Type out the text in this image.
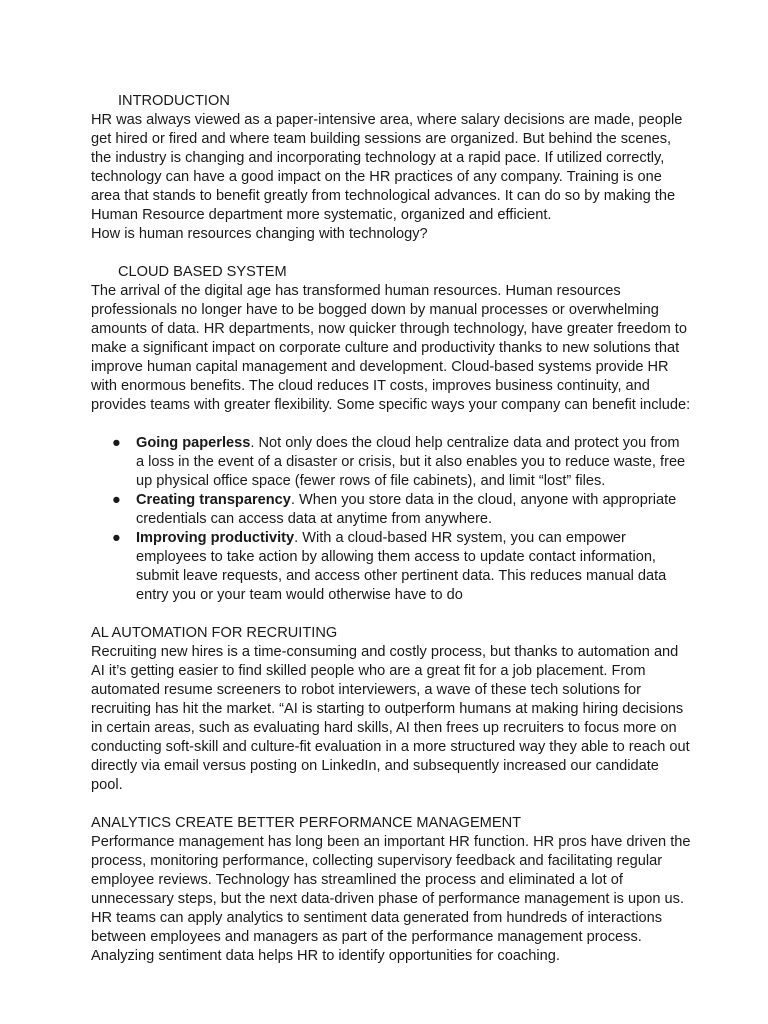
INTRODUCTION

HR was always viewed as a paper-intensive area, where salary decisions are made, people get hired or fired and where team building sessions are organized. But behind the scenes, the industry is changing and incorporating technology at a rapid pace. If utilized correctly, technology can have a good impact on the HR practices of any company. Training is one area that stands to benefit greatly from technological advances. It can do so by making the Human Resource department more systematic, organized and efficient.

How is human resources changing with technology?

CLOUD BASED SYSTEM

The arrival of the digital age has transformed human resources. Human resources professionals no longer have to be bogged down by manual processes or overwhelming amounts of data. HR departments, now quicker through technology, have greater freedom to make a significant impact on corporate culture and productivity thanks to new solutions that improve human capital management and development. Cloud-based systems provide HR with enormous benefits. The cloud reduces IT costs, improves business continuity, and provides teams with greater flexibility. Some specific ways your company can benefit include:

● Going paperless. Not only does the cloud help centralize data and protect you from a loss in the event of a disaster or crisis, but it also enables you to reduce waste, free up physical office space (fewer rows of file cabinets), and limit “lost” files.
● Creating transparency. When you store data in the cloud, anyone with appropriate credentials can access data at anytime from anywhere.
● Improving productivity. With a cloud-based HR system, you can empower employees to take action by allowing them access to update contact information, submit leave requests, and access other pertinent data. This reduces manual data entry you or your team would otherwise have to do

AL AUTOMATION FOR RECRUITING

Recruiting new hires is a time-consuming and costly process, but thanks to automation and AI it’s getting easier to find skilled people who are a great fit for a job placement. From automated resume screeners to robot interviewers, a wave of these tech solutions for recruiting has hit the market. “AI is starting to outperform humans at making hiring decisions in certain areas, such as evaluating hard skills, AI then frees up recruiters to focus more on conducting soft-skill and culture-fit evaluation in a more structured way they able to reach out directly via email versus posting on LinkedIn, and subsequently increased our candidate pool.

ANALYTICS CREATE BETTER PERFORMANCE MANAGEMENT

Performance management has long been an important HR function. HR pros have driven the process, monitoring performance, collecting supervisory feedback and facilitating regular employee reviews. Technology has streamlined the process and eliminated a lot of unnecessary steps, but the next data-driven phase of performance management is upon us.

HR teams can apply analytics to sentiment data generated from hundreds of interactions between employees and managers as part of the performance management process. Analyzing sentiment data helps HR to identify opportunities for coaching.
